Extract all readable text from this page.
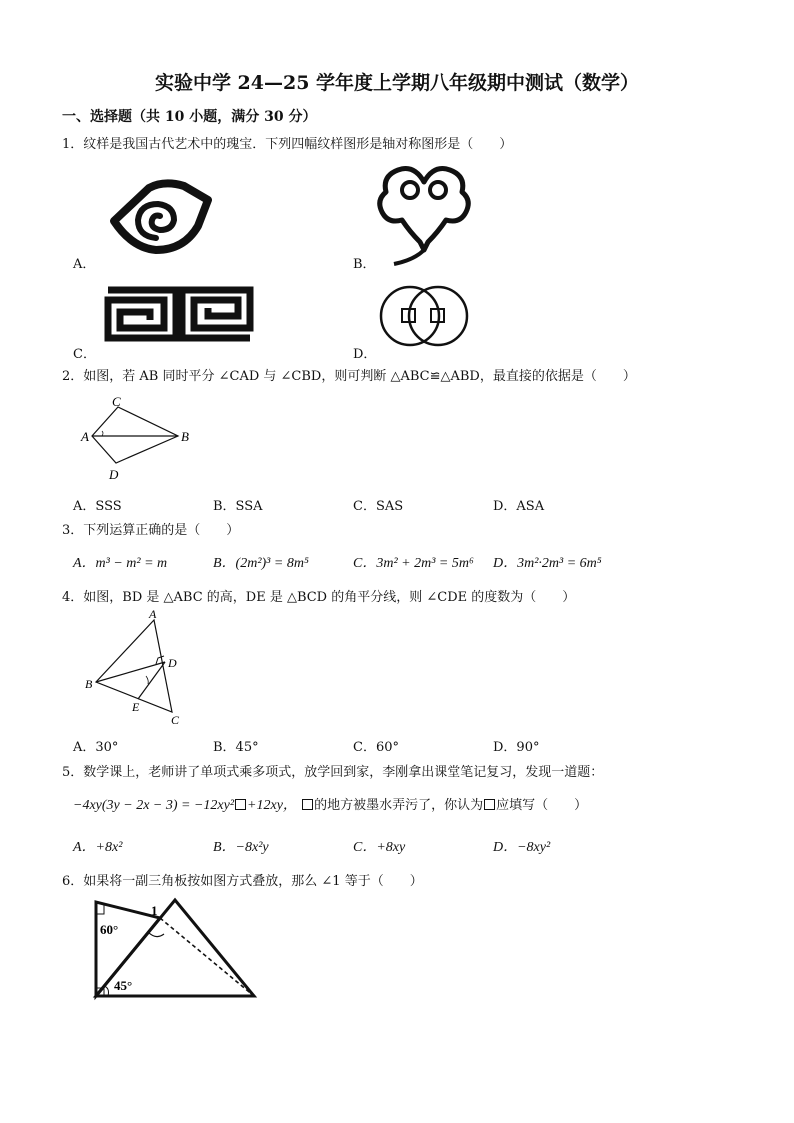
实验中学 24—25 学年度上学期八年级期中测试（数学）
一、选择题（共 10 小题，满分 30 分）
1．纹样是我国古代艺术中的瑰宝．下列四幅纹样图形是轴对称图形是（　　）
A．	B．
C．	D．
2．如图，若 AB 同时平分 ∠CAD 与 ∠CBD，则可判断 △ABC≌△ABD，最直接的依据是（　　）
C
A	B
D
A．SSS	B．SSA	C．SAS	D．ASA
3．下列运算正确的是（　　）
A．m³ − m² = m	B．(2m²)³ = 8m⁵	C．3m² + 2m³ = 5m⁶ D．3m²·2m³ = 6m⁵
4．如图，BD 是 △ABC 的高，DE 是 △BCD 的角平分线，则 ∠CDE 的度数为（　　）
A
D
B
E
C
A．30°	B．45°	C．60°	D．90°
5．数学课上，老师讲了单项式乘多项式，放学回到家，李刚拿出课堂笔记复习，发现一道题：
−4xy(3y − 2x − 3) = −12xy² +12xy， 的地方被墨水弄污了，你认为 应填写（　　）
A．+8x²	B．−8x²y	C．+8xy	D．−8xy²
6．如果将一副三角板按如图方式叠放，那么 ∠1 等于（　　）
60°
1
45°
